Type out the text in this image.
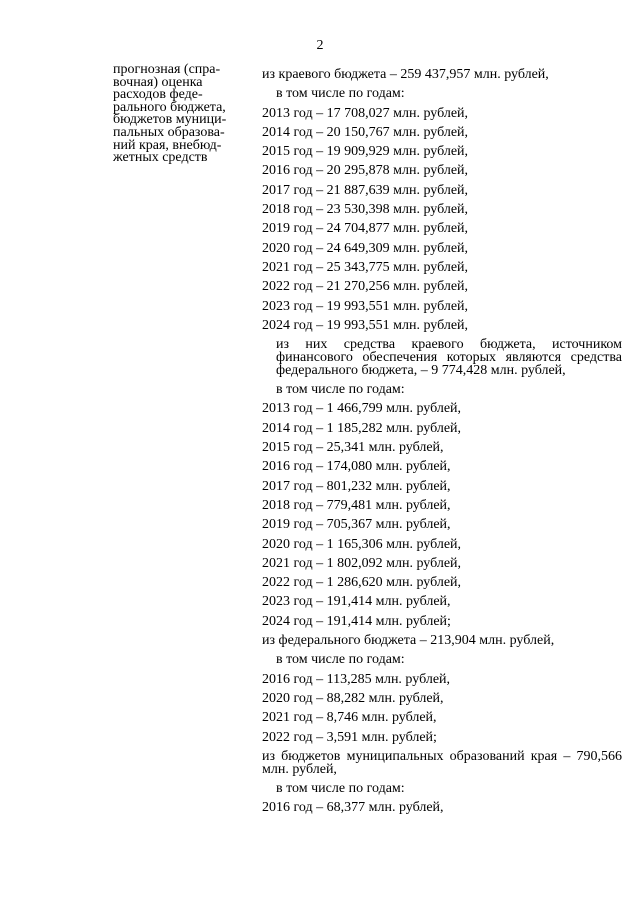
2
прогнозная (спра-вочная) оценка расходов феде-рального бюджета, бюджетов муници-пальных образова-ний края, внебюд-жетных средств
из краевого бюджета – 259 437,957 млн. рублей,
в том числе по годам:
2013 год – 17 708,027 млн. рублей,
2014 год – 20 150,767 млн. рублей,
2015 год – 19 909,929 млн. рублей,
2016 год – 20 295,878 млн. рублей,
2017 год – 21 887,639 млн. рублей,
2018 год – 23 530,398 млн. рублей,
2019 год – 24 704,877 млн. рублей,
2020 год – 24 649,309 млн. рублей,
2021 год – 25 343,775 млн. рублей,
2022 год – 21 270,256 млн. рублей,
2023 год – 19 993,551 млн. рублей,
2024 год – 19 993,551 млн. рублей,
из них средства краевого бюджета, источником финансового обеспечения которых являются средства федерального бюджета, – 9 774,428 млн. рублей,
в том числе по годам:
2013 год – 1 466,799 млн. рублей,
2014 год – 1 185,282 млн. рублей,
2015 год – 25,341 млн. рублей,
2016 год – 174,080 млн. рублей,
2017 год – 801,232 млн. рублей,
2018 год – 779,481 млн. рублей,
2019 год – 705,367 млн. рублей,
2020 год – 1 165,306 млн. рублей,
2021 год – 1 802,092 млн. рублей,
2022 год – 1 286,620 млн. рублей,
2023 год – 191,414 млн. рублей,
2024 год – 191,414 млн. рублей;
из федерального бюджета – 213,904 млн. рублей,
в том числе по годам:
2016 год – 113,285 млн. рублей,
2020 год – 88,282 млн. рублей,
2021 год – 8,746 млн. рублей,
2022 год – 3,591 млн. рублей;
из бюджетов муниципальных образований края – 790,566 млн. рублей,
в том числе по годам:
2016 год – 68,377 млн. рублей,
